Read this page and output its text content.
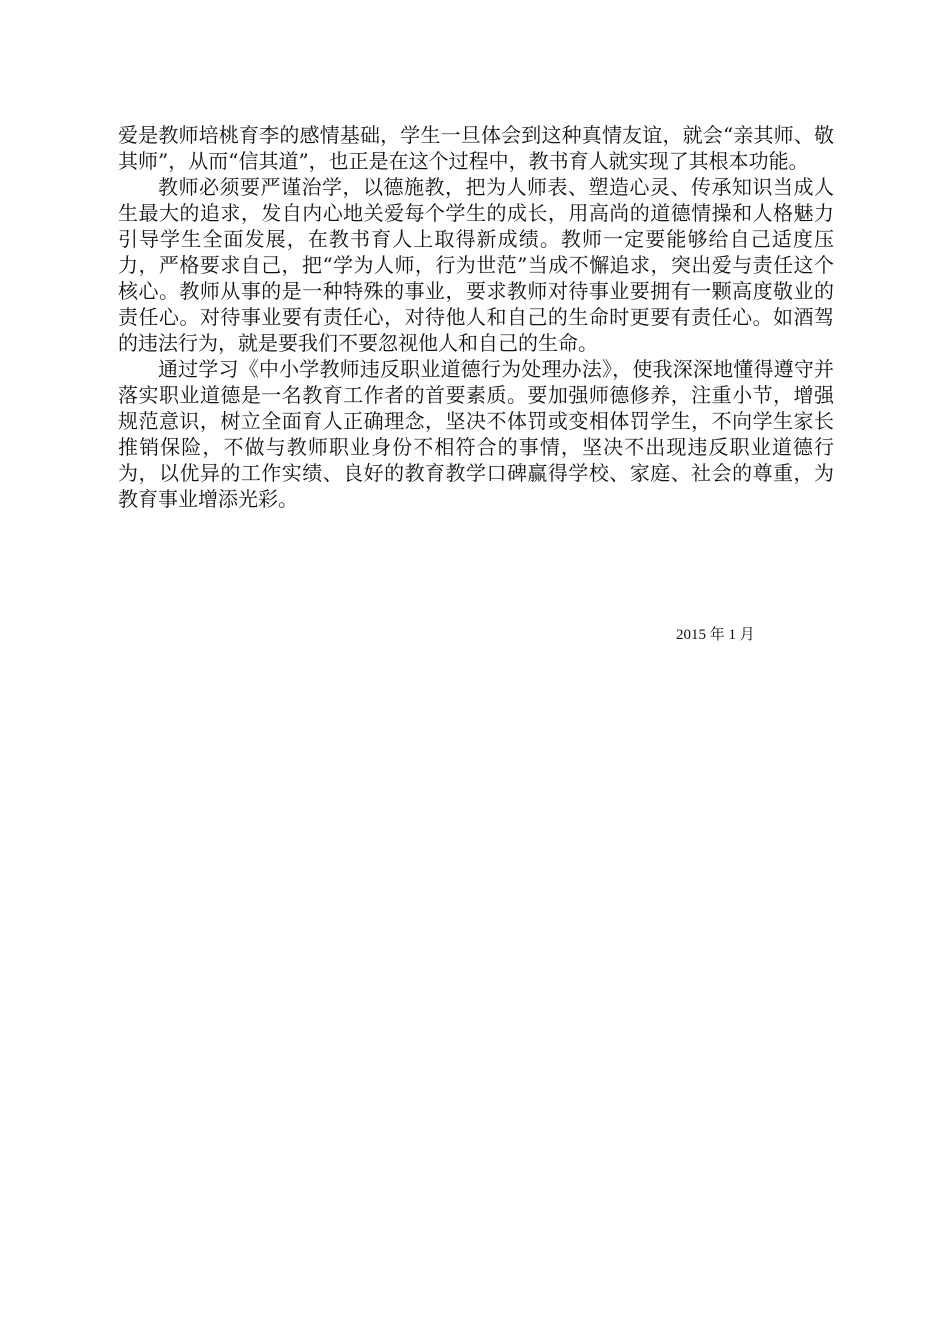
爱是教师培桃育李的感情基础，学生一旦体会到这种真情友谊，就会“亲其师、敬其师”，从而“信其道”，也正是在这个过程中，教书育人就实现了其根本功能。

教师必须要严谨治学，以德施教，把为人师表、塑造心灵、传承知识当成人生最大的追求，发自内心地关爱每个学生的成长，用高尚的道德情操和人格魅力引导学生全面发展，在教书育人上取得新成绩。教师一定要能够给自己适度压力，严格要求自己，把“学为人师，行为世范”当成不懈追求，突出爱与责任这个核心。教师从事的是一种特殊的事业，要求教师对待事业要拥有一颗高度敬业的责任心。对待事业要有责任心，对待他人和自己的生命时更要有责任心。如酒驾的违法行为，就是要我们不要忽视他人和自己的生命。

通过学习《中小学教师违反职业道德行为处理办法》，使我深深地懂得遵守并落实职业道德是一名教育工作者的首要素质。要加强师德修养，注重小节，增强规范意识，树立全面育人正确理念，坚决不体罚或变相体罚学生，不向学生家长推销保险，不做与教师职业身份不相符合的事情，坚决不出现违反职业道德行为，以优异的工作实绩、良好的教育教学口碑赢得学校、家庭、社会的尊重，为教育事业增添光彩。

2015 年 1 月
